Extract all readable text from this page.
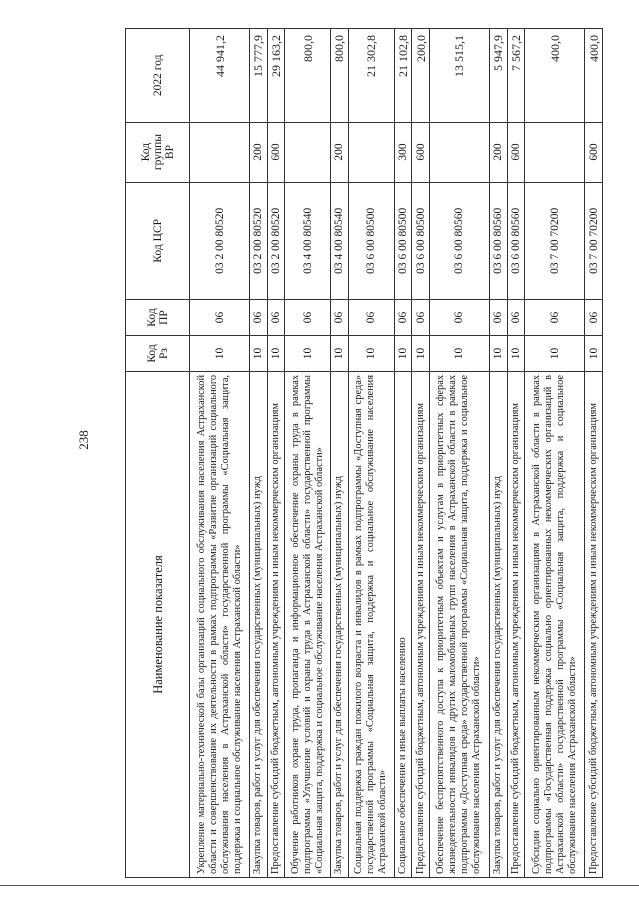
238
Наименование показателя	Код Рз	Код ПР	Код ЦСР	Код группы ВР	2022 год
Укрепление материально-технической базы организаций социального обслуживания населения Астраханской области и совершенствование их деятельности в рамках подпрограммы «Развитие организаций социального обслуживания населения в Астраханской области» государственной программы «Социальная защита, поддержка и социальное обслуживание населения Астраханской области»	10	06	03 2 00 80520		44 941,2
Закупка товаров, работ и услуг для обеспечения государственных (муниципальных) нужд	10	06	03 2 00 80520	200	15 777,9
Предоставление субсидий бюджетным, автономным учреждениям и иным некоммерческим организациям	10	06	03 2 00 80520	600	29 163,2
Обучение работников охране труда, пропаганда и информационное обеспечение охраны труда в рамках подпрограммы «Улучшение условий и охраны труда в Астраханской области» государственной программы «Социальная защита, поддержка и социальное обслуживание населения Астраханской области»	10	06	03 4 00 80540		800,0
Закупка товаров, работ и услуг для обеспечения государственных (муниципальных) нужд	10	06	03 4 00 80540	200	800,0
Социальная поддержка граждан пожилого возраста и инвалидов в рамках подпрограммы «Доступная среда» государственной программы «Социальная защита, поддержка и социальное обслуживание населения Астраханской области»	10	06	03 6 00 80500		21 302,8
Социальное обеспечение и иные выплаты населению	10	06	03 6 00 80500	300	21 102,8
Предоставление субсидий бюджетным, автономным учреждениям и иным некоммерческим организациям	10	06	03 6 00 80500	600	200,0
Обеспечение беспрепятственного доступа к приоритетным объектам и услугам в приоритетных сферах жизнедеятельности инвалидов и других маломобильных групп населения в Астраханской области в рамках подпрограммы «Доступная среда» государственной программы «Социальная защита, поддержка и социальное обслуживание населения Астраханской области»	10	06	03 6 00 80560		13 515,1
Закупка товаров, работ и услуг для обеспечения государственных (муниципальных) нужд	10	06	03 6 00 80560	200	5 947,9
Предоставление субсидий бюджетным, автономным учреждениям и иным некоммерческим организациям	10	06	03 6 00 80560	600	7 567,2
Субсидии социально ориентированным некоммерческим организациям в Астраханской области в рамках подпрограммы «Государственная поддержка социально ориентированных некоммерческих организаций в Астраханской области» государственной программы «Социальная защита, поддержка и социальное обслуживание населения Астраханской области»	10	06	03 7 00 70200		400,0
Предоставление субсидий бюджетным, автономным учреждениям и иным некоммерческим организациям	10	06	03 7 00 70200	600	400,0
